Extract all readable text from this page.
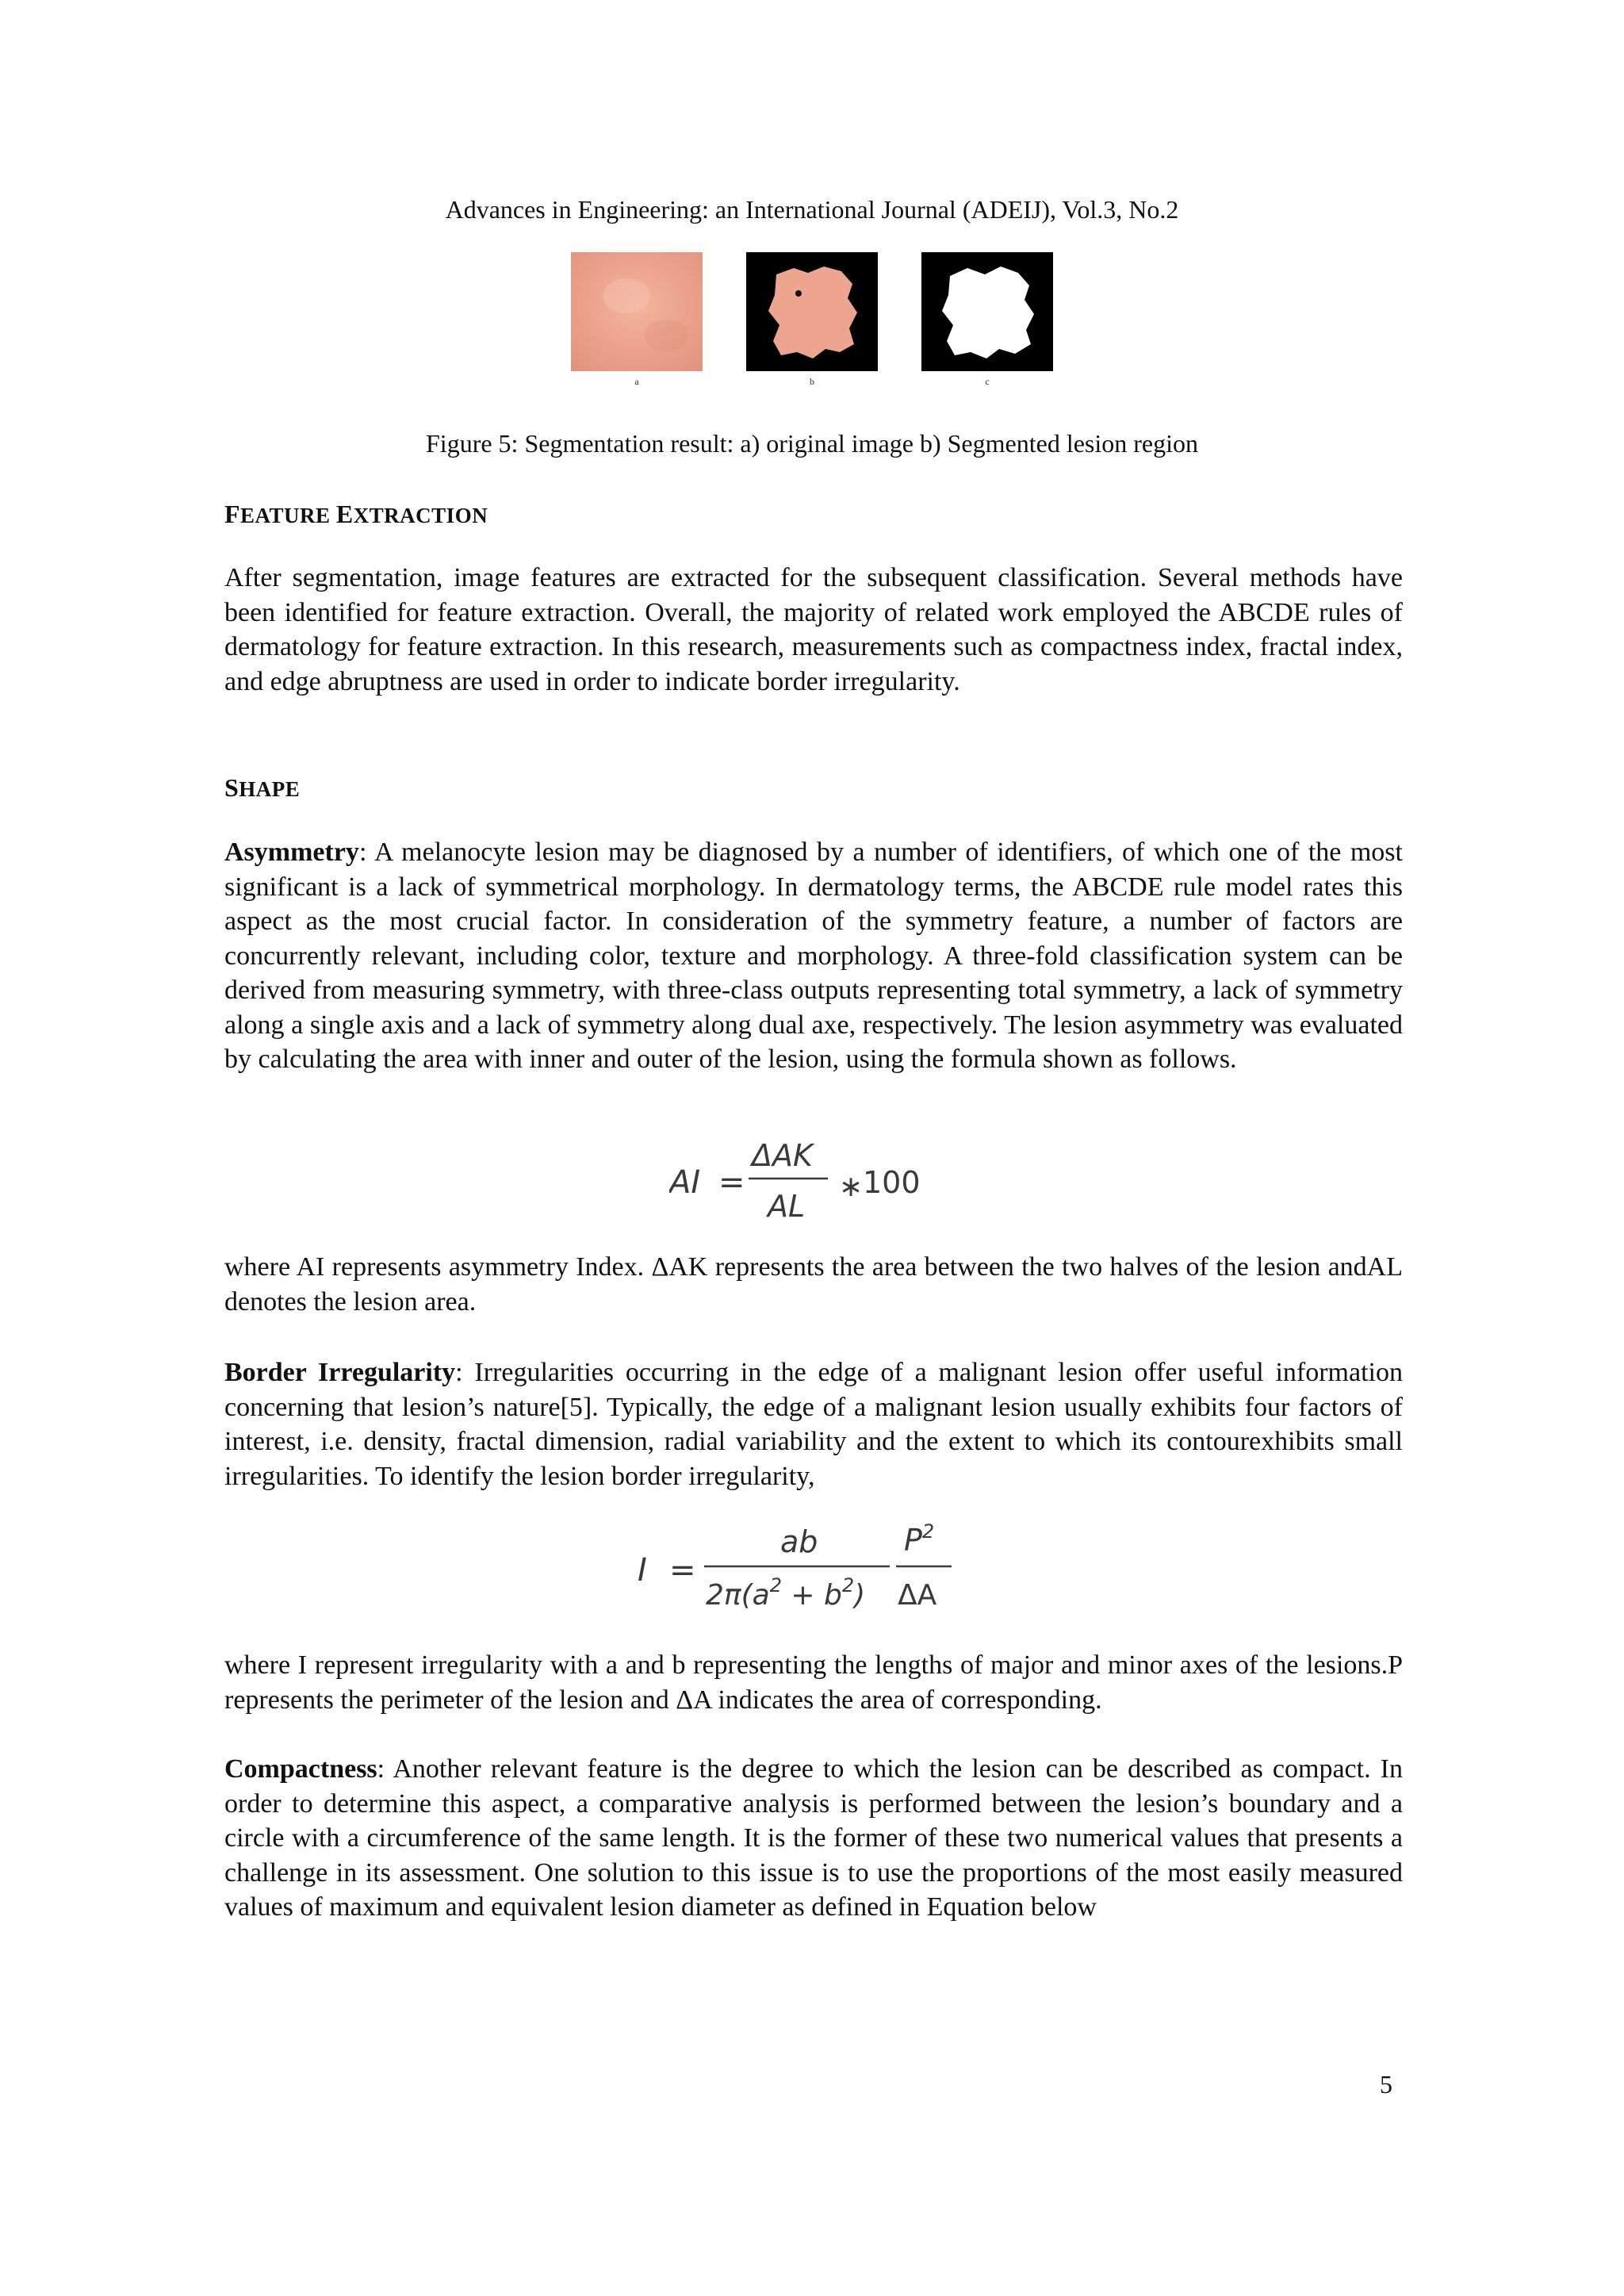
Advances in Engineering: an International Journal (ADEIJ), Vol.3, No.2
a	b	c
Figure 5: Segmentation result: a) original image b) Segmented lesion region
FEATURE EXTRACTION

After segmentation, image features are extracted for the subsequent classification. Several methods have been identified for feature extraction. Overall, the majority of related work employed the ABCDE rules of dermatology for feature extraction. In this research, measurements such as compactness index, fractal index, and edge abruptness are used in order to indicate border irregularity.

SHAPE

Asymmetry: A melanocyte lesion may be diagnosed by a number of identifiers, of which one of the most significant is a lack of symmetrical morphology. In dermatology terms, the ABCDE rule model rates this aspect as the most crucial factor. In consideration of the symmetry feature, a number of factors are concurrently relevant, including color, texture and morphology. A three-fold classification system can be derived from measuring symmetry, with three-class outputs representing total symmetry, a lack of symmetry along a single axis and a lack of symmetry along dual axe, respectively. The lesion asymmetry was evaluated by calculating the area with inner and outer of the lesion, using the formula shown as follows.

AI =
ΔAK
AL
∗ 100

where AI represents asymmetry Index. ΔAK represents the area between the two halves of the lesion andAL denotes the lesion area.

Border Irregularity: Irregularities occurring in the edge of a malignant lesion offer useful information concerning that lesion’s nature[5]. Typically, the edge of a malignant lesion usually exhibits four factors of interest, i.e. density, fractal dimension, radial variability and the extent to which its contourexhibits small irregularities. To identify the lesion border irregularity,

I =
ab
$2\pi(a^2 + b^2)$
$P^2$
ΔA

where I represent irregularity with a and b representing the lengths of major and minor axes of the lesions.P represents the perimeter of the lesion and ΔA indicates the area of corresponding.

Compactness: Another relevant feature is the degree to which the lesion can be described as compact. In order to determine this aspect, a comparative analysis is performed between the lesion’s boundary and a circle with a circumference of the same length. It is the former of these two numerical values that presents a challenge in its assessment. One solution to this issue is to use the proportions of the most easily measured values of maximum and equivalent lesion diameter as defined in Equation below

5
